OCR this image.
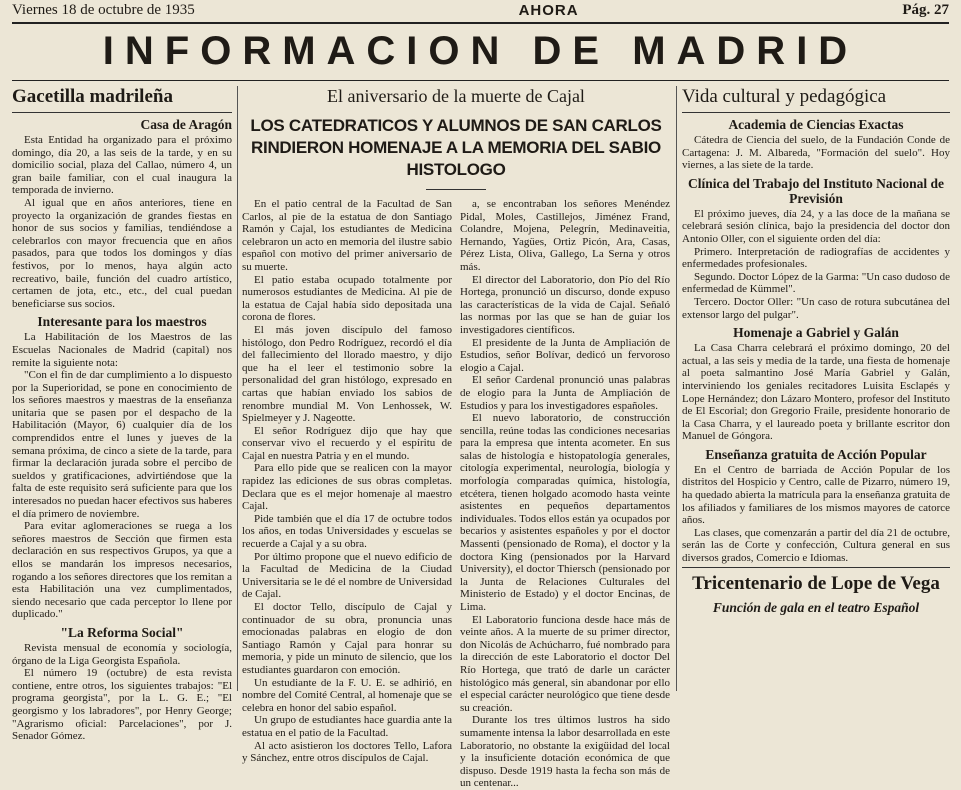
Viernes 18 de octubre de 1935	AHORA	Pág. 27
INFORMACION DE MADRID
Gacetilla madrileña
Casa de Aragón

Esta Entidad ha organizado para el próximo domingo, día 20, a las seis de la tarde, y en su domicilio social, plaza del Callao, número 4, un gran baile familiar, con el cual inaugura la temporada de invierno.

Al igual que en años anteriores, tiene en proyecto la organización de grandes fiestas en honor de sus socios y familias, tendiéndose a celebrarlos con mayor frecuencia que en años pasados, para que todos los domingos y días festivos, por lo menos, haya algún acto recreativo, baile, función del cuadro artístico, certamen de jota, etc., etc., del cual puedan beneficiarse sus socios.

Interesante para los maestros

La Habilitación de los Maestros de las Escuelas Nacionales de Madrid (capital) nos remite la siguiente nota:

"Con el fin de dar cumplimiento a lo dispuesto por la Superioridad, se pone en conocimiento de los señores maestros y maestras de la enseñanza unitaria que se pasen por el despacho de la Habilitación (Mayor, 6) cualquier día de los comprendidos entre el lunes y jueves de la semana próxima, de cinco a siete de la tarde, para firmar la declaración jurada sobre el percibo de sueldos y gratificaciones, advirtiéndose que la falta de este requisito será suficiente para que los interesados no puedan hacer efectivos sus haberes el día primero de noviembre.

Para evitar aglomeraciones se ruega a los señores maestros de Sección que firmen esta declaración en sus respectivos Grupos, ya que a ellos se mandarán los impresos necesarios, rogando a los señores directores que los remitan a esta Habilitación una vez cumplimentados, siendo necesario que cada perceptor lo llene por duplicado."

"La Reforma Social"

Revista mensual de economía y sociología, órgano de la Liga Georgista Española.

El número 19 (octubre) de esta revista contiene, entre otros, los siguientes trabajos: "El programa georgista", por la L. G. E.; "El georgismo y los labradores", por Henry George; "Agrarismo oficial: Parcelaciones", por J. Senador Gómez.

El aniversario de la muerte de Cajal
LOS CATEDRATICOS Y ALUMNOS DE SAN CARLOS RINDIERON HOMENAJE A LA MEMORIA DEL SABIO HISTOLOGO

En el patio central de la Facultad de San Carlos, al pie de la estatua de don Santiago Ramón y Cajal, los estudiantes de Medicina celebraron un acto en memoria del ilustre sabio español con motivo del primer aniversario de su muerte.

El patio estaba ocupado totalmente por numerosos estudiantes de Medicina. Al pie de la estatua de Cajal había sido depositada una corona de flores.

El más joven discípulo del famoso histólogo, don Pedro Rodríguez, recordó el día del fallecimiento del llorado maestro, y dijo que ha el leer el testimonio sobre la personalidad del gran histólogo, expresado en cartas que habían enviado los sabios de renombre mundial M. Von Lenhossek, W. Spielmeyer y J. Nageotte.

El señor Rodríguez dijo que hay que conservar vivo el recuerdo y el espíritu de Cajal en nuestra Patria y en el mundo.

Para ello pide que se realicen con la mayor rapidez las ediciones de sus obras completas. Declara que es el mejor homenaje al maestro Cajal.

Pide también que el día 17 de octubre todos los años, en todas Universidades y escuelas se recuerde a Cajal y a su obra.

Por último propone que el nuevo edificio de la Facultad de Medicina de la Ciudad Universitaria se le dé el nombre de Universidad de Cajal.

El doctor Tello, discípulo de Cajal y continuador de su obra, pronuncia unas emocionadas palabras en elogio de don Santiago Ramón y Cajal para honrar su memoria, y pide un minuto de silencio, que los estudiantes guardaron con emoción.

Un estudiante de la F. U. E. se adhirió, en nombre del Comité Central, al homenaje que se celebra en honor del sabio español.

Un grupo de estudiantes hace guardia ante la estatua en el patio de la Facultad.

Al acto asistieron los doctores Tello, Lafora y Sánchez, entre otros discípulos de Cajal.

a, se encontraban los señores Menéndez Pidal, Moles, Castillejos, Jiménez Frand, Colandre, Mojena, Pelegrín, Medinaveitia, Hernando, Yagües, Ortiz Picón, Ara, Casas, Pérez Lista, Oliva, Gallego, La Serna y otros más.

El director del Laboratorio, don Pío del Río Hortega, pronunció un discurso, donde expuso las características de la vida de Cajal. Señaló las normas por las que se han de guiar los investigadores científicos.

El presidente de la Junta de Ampliación de Estudios, señor Bolívar, dedicó un fervoroso elogio a Cajal.

El señor Cardenal pronunció unas palabras de elogio para la Junta de Ampliación de Estudios y para los investigadores españoles.

El nuevo laboratorio, de construcción sencilla, reúne todas las condiciones necesarias para la empresa que intenta acometer. En sus salas de histología e histopatología generales, citología experimental, neurología, biología y morfología comparadas química, histología, etcétera, tienen holgado acomodo hasta veinte asistentes en pequeños departamentos individuales. Todos ellos están ya ocupados por becarios y asistentes españoles y por el doctor Massenti (pensionado de Roma), el doctor y la doctora King (pensionados por la Harvard University), el doctor Thiersch (pensionado por la Junta de Relaciones Culturales del Ministerio de Estado) y el doctor Encinas, de Lima.

El Laboratorio funciona desde hace más de veinte años. A la muerte de su primer director, don Nicolás de Achúcharro, fué nombrado para la dirección de este Laboratorio el doctor Del Río Hortega, que trató de darle un carácter histológico más general, sin abandonar por ello el especial carácter neurológico que tiene desde su creación.

Durante los tres últimos lustros ha sido sumamente intensa la labor desarrollada en este Laboratorio, no obstante la exigüidad del local y la insuficiente dotación económica de que dispuso. Desde 1919 hasta la fecha son más de un centenar...

Vida cultural y pedagógica
Academia de Ciencias Exactas

Cátedra de Ciencia del suelo, de la Fundación Conde de Cartagena: J. M. Albareda, "Formación del suelo". Hoy viernes, a las siete de la tarde.

Clínica del Trabajo del Instituto Nacional de Previsión

El próximo jueves, día 24, y a las doce de la mañana se celebrará sesión clínica, bajo la presidencia del doctor don Antonio Oller, con el siguiente orden del día:

Primero. Interpretación de radiografías de accidentes y enfermedades profesionales.

Segundo. Doctor López de la Garma: "Un caso dudoso de enfermedad de Kümmel".

Tercero. Doctor Oller: "Un caso de rotura subcutánea del extensor largo del pulgar".

Homenaje a Gabriel y Galán

La Casa Charra celebrará el próximo domingo, 20 del actual, a las seis y media de la tarde, una fiesta de homenaje al poeta salmantino José María Gabriel y Galán, interviniendo los geniales recitadores Luisita Esclapés y Lope Hernández; don Lázaro Montero, profesor del Instituto de El Escorial; don Gregorio Fraile, presidente honorario de la Casa Charra, y el laureado poeta y brillante escritor don Manuel de Góngora.

Enseñanza gratuita de Acción Popular

En el Centro de barriada de Acción Popular de los distritos del Hospicio y Centro, calle de Pizarro, número 19, ha quedado abierta la matrícula para la enseñanza gratuita de los afiliados y familiares de los mismos mayores de catorce años.

Las clases, que comenzarán a partir del día 21 de octubre, serán las de Corte y confección, Cultura general en sus diversos grados, Comercio e Idiomas.

Tricentenario de Lope de Vega
Función de gala en el teatro Español
